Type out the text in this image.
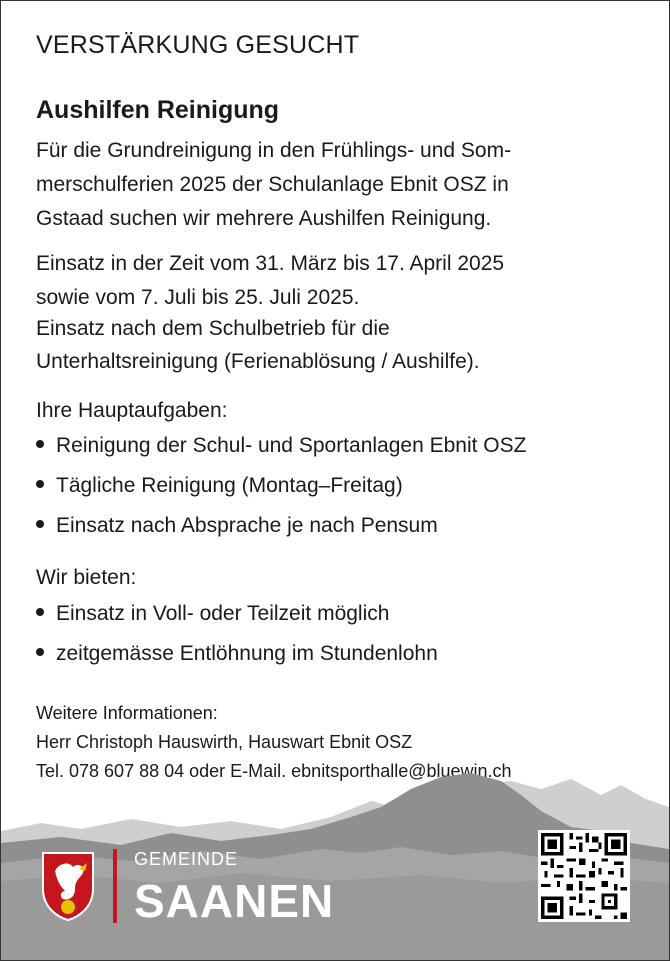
VERSTÄRKUNG GESUCHT
Aushilfen Reinigung
Für die Grundreinigung in den Frühlings- und Som-
merschulferien 2025 der Schulanlage Ebnit OSZ in
Gstaad suchen wir mehrere Aushilfen Reinigung.
Einsatz in der Zeit vom 31. März bis 17. April 2025
sowie vom 7. Juli bis 25. Juli 2025.
Einsatz nach dem Schulbetrieb für die
Unterhaltsreinigung (Ferienablösung / Aushilfe).
Ihre Hauptaufgaben:
Reinigung der Schul- und Sportanlagen Ebnit OSZ
Tägliche Reinigung (Montag–Freitag)
Einsatz nach Absprache je nach Pensum
Wir bieten:
Einsatz in Voll- oder Teilzeit möglich
zeitgemässe Entlöhnung im Stundenlohn
Weitere Informationen:
Herr Christoph Hauswirth, Hauswart Ebnit OSZ
Tel. 078 607 88 04 oder E-Mail. ebnitsporthalle@bluewin.ch
GEMEINDE
SAANEN
